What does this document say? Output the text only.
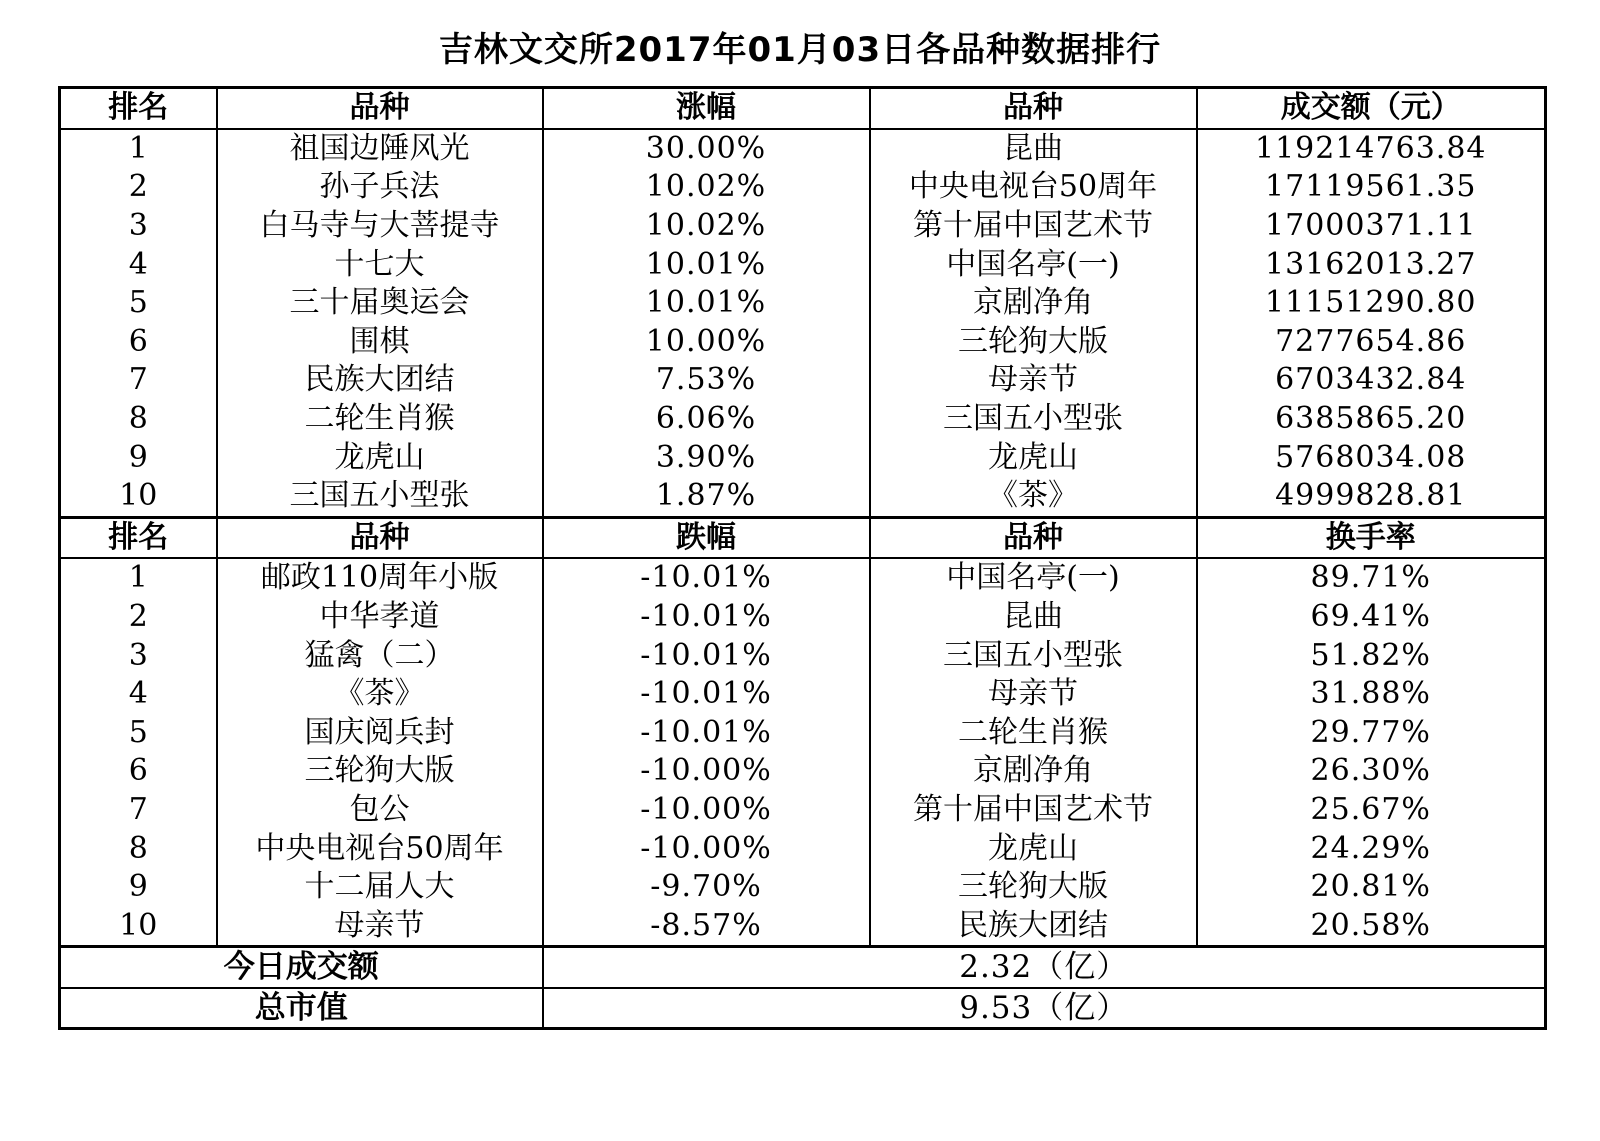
吉林文交所2017年01月03日各品种数据排行
排名	品种	涨幅	品种	成交额（元）
1	祖国边陲风光	30.00%	昆曲	119214763.84
2	孙子兵法	10.02%	中央电视台50周年	17119561.35
3	白马寺与大菩提寺	10.02%	第十届中国艺术节	17000371.11
4	十七大	10.01%	中国名亭(一)	13162013.27
5	三十届奥运会	10.01%	京剧净角	11151290.80
6	围棋	10.00%	三轮狗大版	7277654.86
7	民族大团结	7.53%	母亲节	6703432.84
8	二轮生肖猴	6.06%	三国五小型张	6385865.20
9	龙虎山	3.90%	龙虎山	5768034.08
10	三国五小型张	1.87%	《茶》	4999828.81
排名	品种	跌幅	品种	换手率
1	邮政110周年小版	-10.01%	中国名亭(一)	89.71%
2	中华孝道	-10.01%	昆曲	69.41%
3	猛禽（二）	-10.01%	三国五小型张	51.82%
4	《茶》	-10.01%	母亲节	31.88%
5	国庆阅兵封	-10.01%	二轮生肖猴	29.77%
6	三轮狗大版	-10.00%	京剧净角	26.30%
7	包公	-10.00%	第十届中国艺术节	25.67%
8	中央电视台50周年	-10.00%	龙虎山	24.29%
9	十二届人大	-9.70%	三轮狗大版	20.81%
10	母亲节	-8.57%	民族大团结	20.58%
今日成交额		2.32（亿）		
总市值		9.53（亿）		
